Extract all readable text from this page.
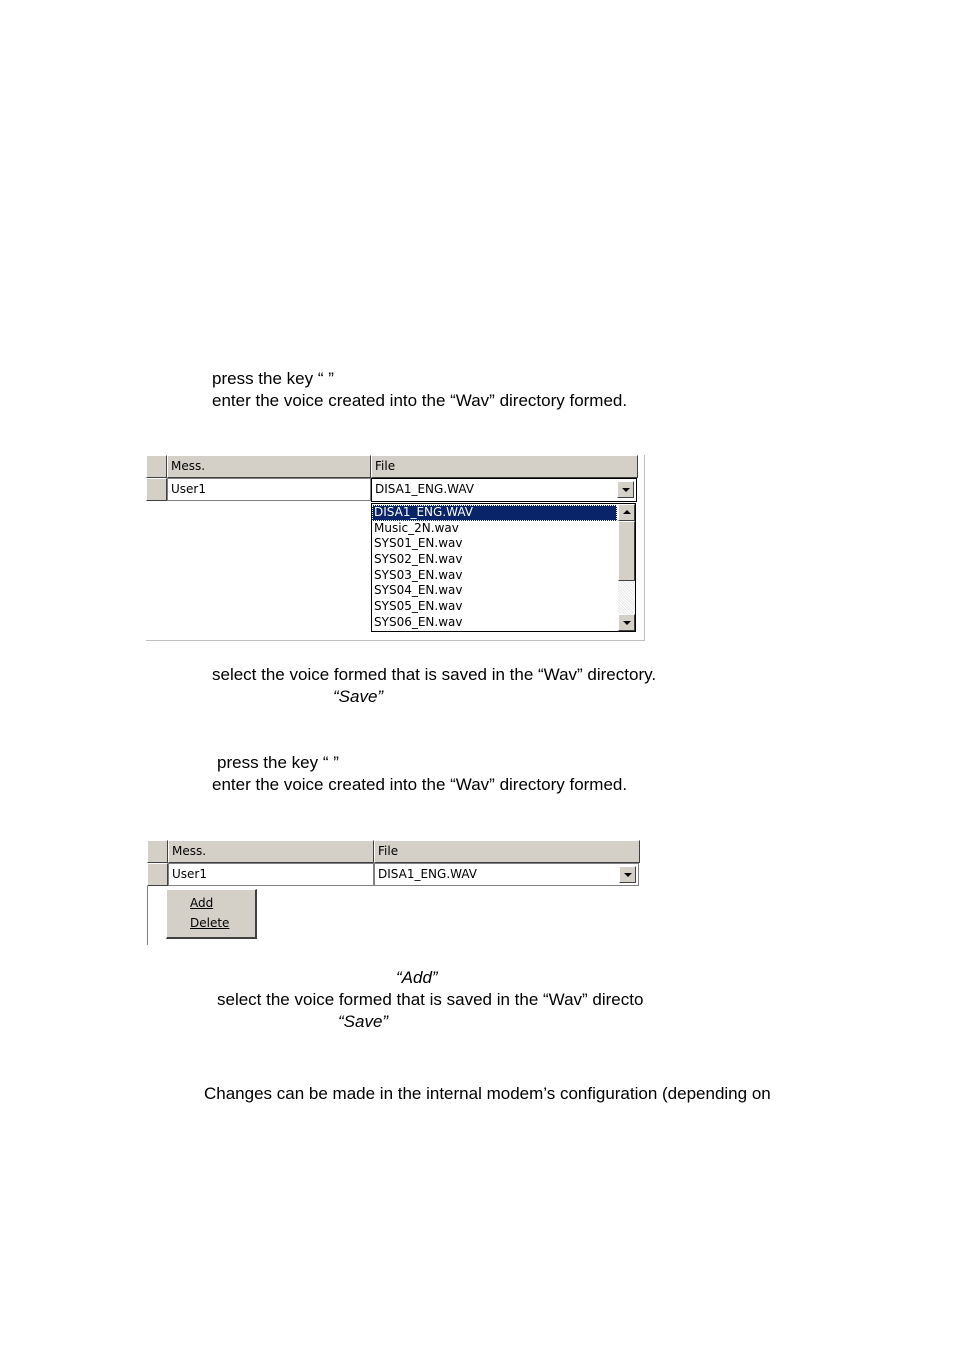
press the key “ ”
enter the voice created into the “Wav” directory formed.
Mess.	File
User1	DISA1_ENG.WAV
DISA1_ENG.WAV
Music_2N.wav
SYS01_EN.wav
SYS02_EN.wav
SYS03_EN.wav
SYS04_EN.wav
SYS05_EN.wav
SYS06_EN.wav
select the voice formed that is saved in the “Wav” directory.
“Save”
press the key “ ”
enter the voice created into the “Wav” directory formed.
Mess.	File
User1	DISA1_ENG.WAV
Add
Delete
“Add”
select the voice formed that is saved in the “Wav” directo
“Save”
Changes can be made in the internal modem’s configuration (depending on
